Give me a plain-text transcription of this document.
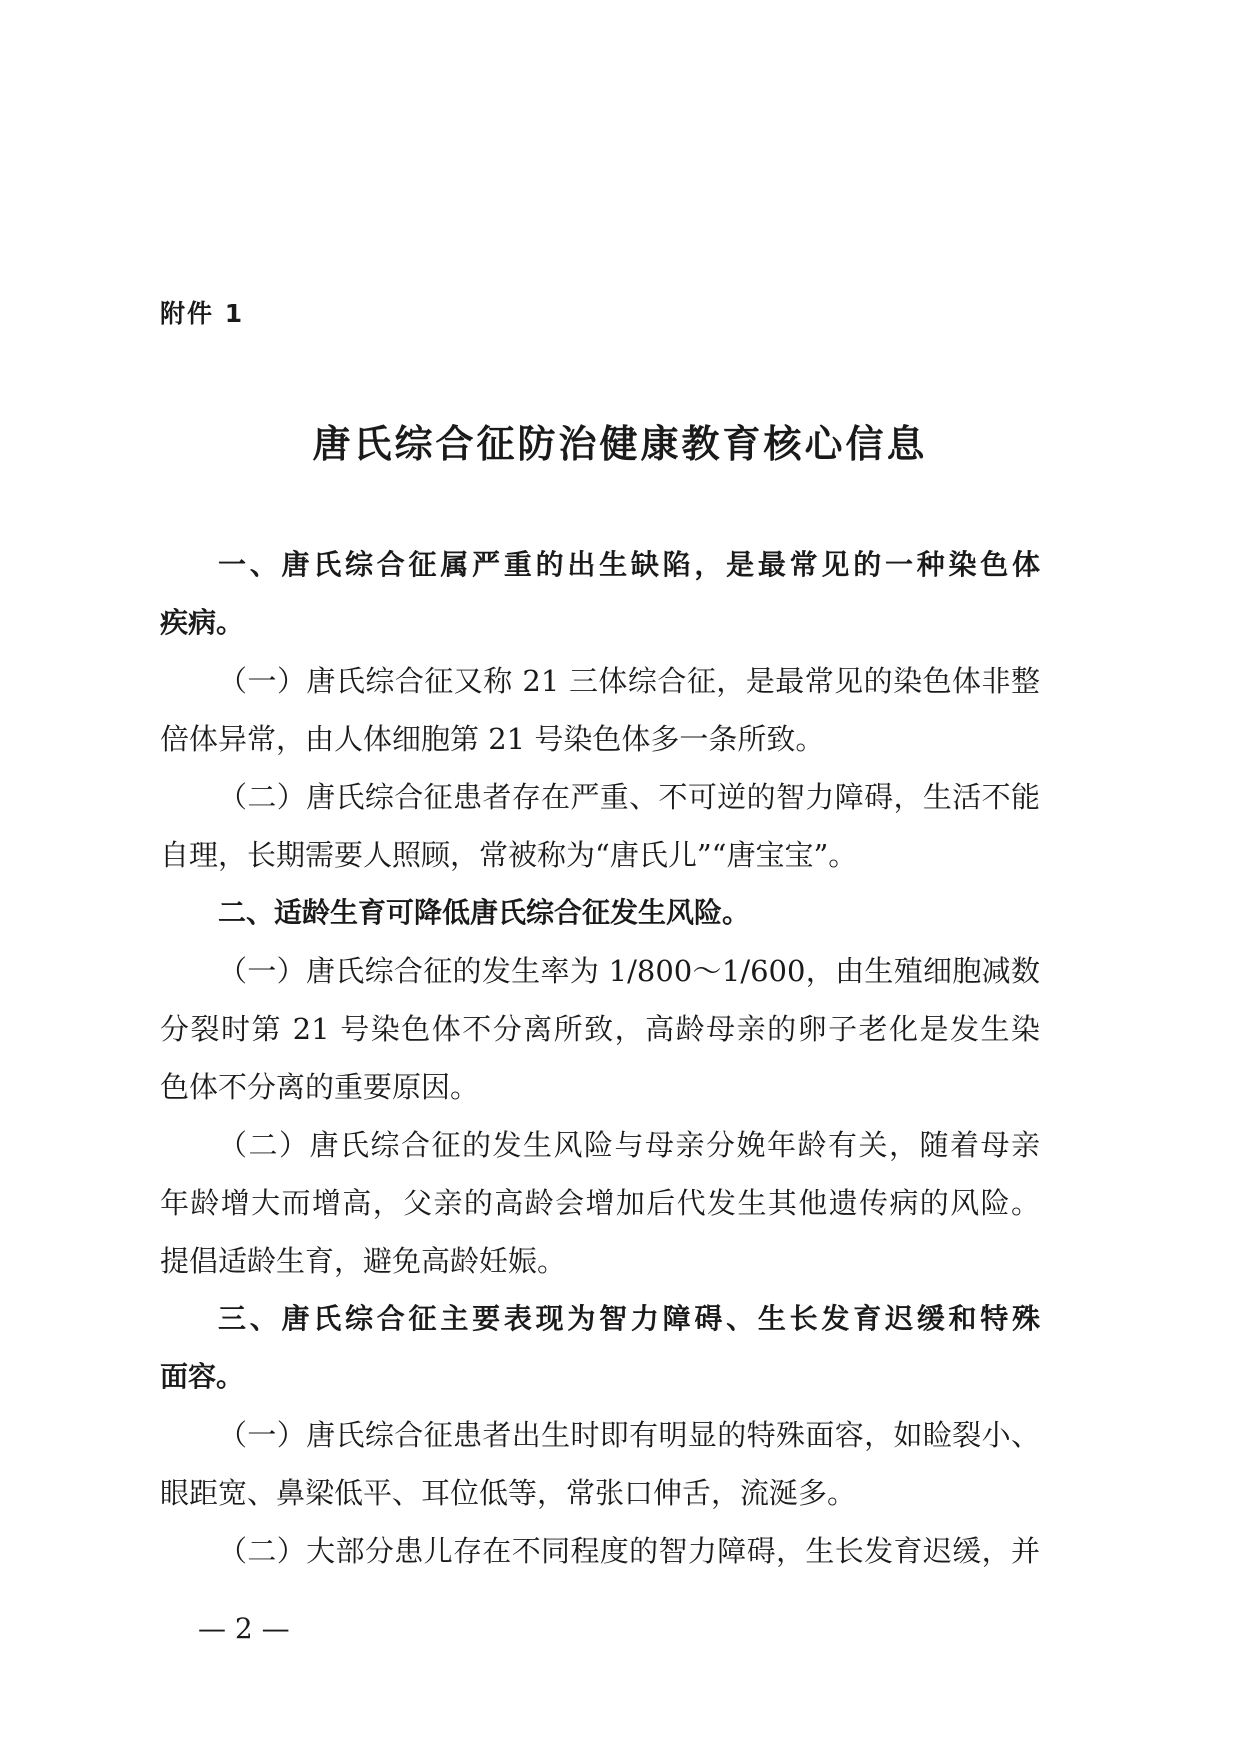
附件 1
唐氏综合征防治健康教育核心信息
一、唐氏综合征属严重的出生缺陷，是最常见的一种染色体
疾病。
（一）唐氏综合征又称 21 三体综合征，是最常见的染色体非整
倍体异常，由人体细胞第 21 号染色体多一条所致。
（二）唐氏综合征患者存在严重、不可逆的智力障碍，生活不能
自理，长期需要人照顾，常被称为“唐氏儿”“唐宝宝”。
二、适龄生育可降低唐氏综合征发生风险。
（一）唐氏综合征的发生率为 1/800～1/600，由生殖细胞减数
分裂时第 21 号染色体不分离所致，高龄母亲的卵子老化是发生染
色体不分离的重要原因。
（二）唐氏综合征的发生风险与母亲分娩年龄有关，随着母亲
年龄增大而增高，父亲的高龄会增加后代发生其他遗传病的风险。
提倡适龄生育，避免高龄妊娠。
三、唐氏综合征主要表现为智力障碍、生长发育迟缓和特殊
面容。
（一）唐氏综合征患者出生时即有明显的特殊面容，如睑裂小、
眼距宽、鼻梁低平、耳位低等，常张口伸舌，流涎多。
（二）大部分患儿存在不同程度的智力障碍，生长发育迟缓，并
— 2 —
